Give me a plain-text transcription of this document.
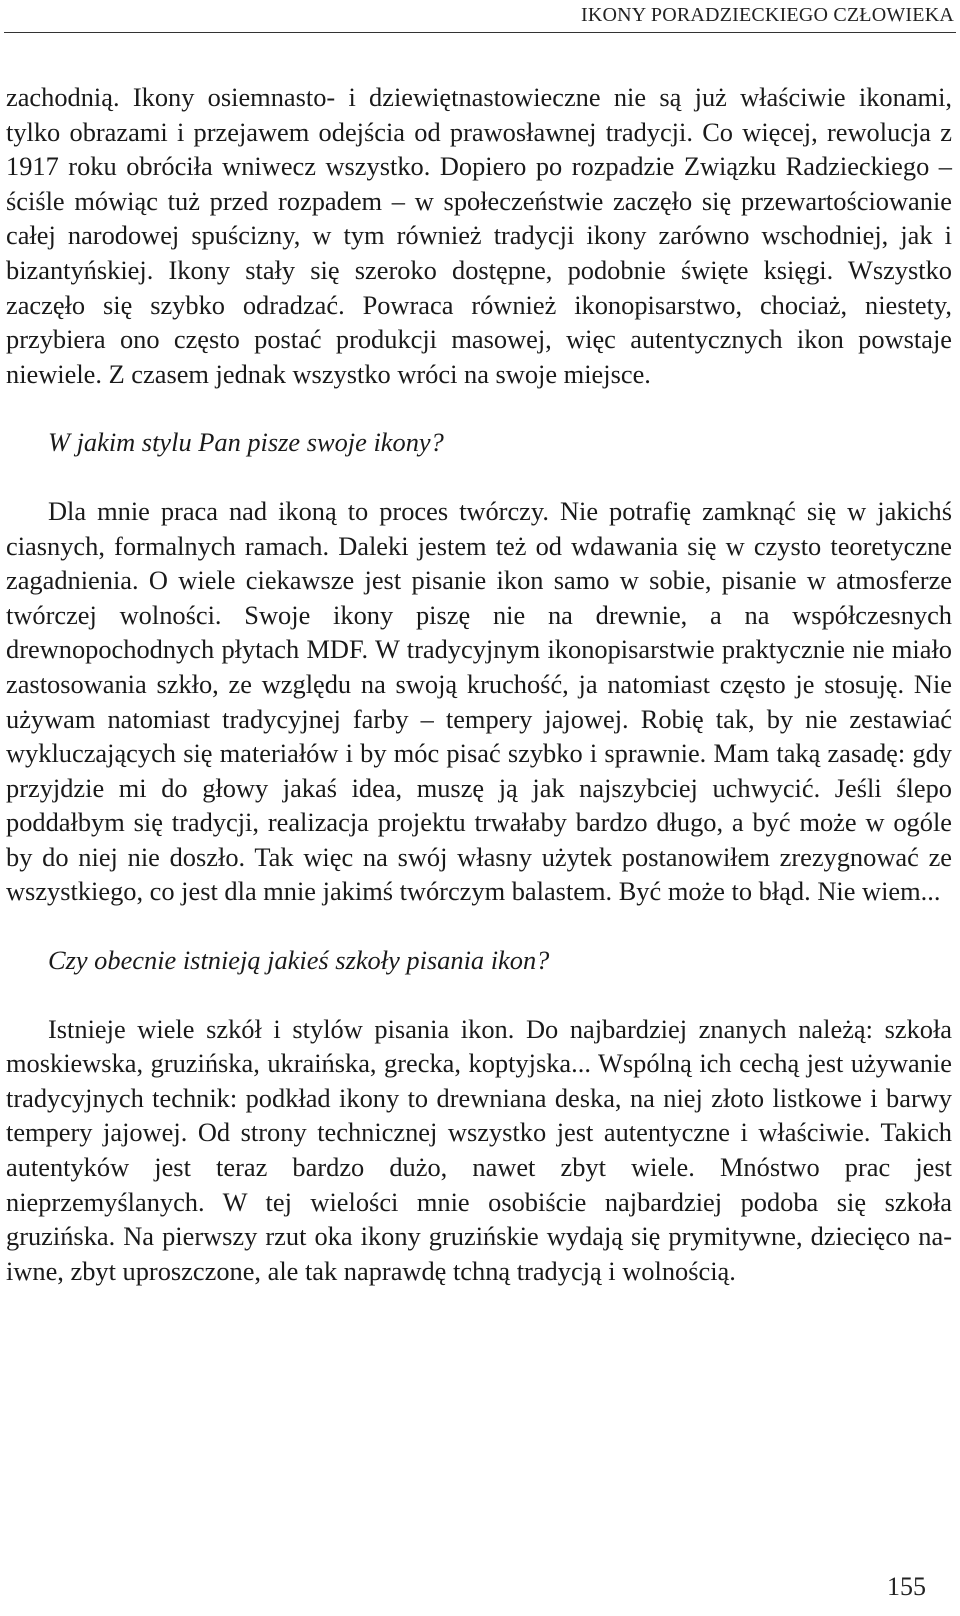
IKONY PORADZIECKIEGO CZŁOWIEKA

zachodnią. Ikony osiemnasto- i dziewiętnastowieczne nie są już właściwie ikonami, tylko obrazami i przejawem odejścia od prawosławnej tradycji. Co więcej, rewolucja z 1917 roku obróciła wniwecz wszystko. Dopiero po rozpadzie Związku Radzieckiego – ściśle mówiąc tuż przed rozpadem – w społeczeństwie zaczęło się przewartościowanie całej narodowej spuścizny, w tym również tradycji ikony zarówno wschodniej, jak i bizantyńskiej. Ikony stały się szeroko dostępne, podobnie święte księgi. Wszystko zaczęło się szybko odradzać. Powraca również ikonopisarstwo, chociaż, niestety, przybiera ono często postać produkcji masowej, więc autentycznych ikon powstaje niewiele. Z czasem jednak wszystko wróci na swoje miejsce.

W jakim stylu Pan pisze swoje ikony?

Dla mnie praca nad ikoną to proces twórczy. Nie potrafię zamknąć się w jakichś ciasnych, formalnych ramach. Daleki jestem też od wdawania się w czysto teoretyczne zagadnienia. O wiele ciekawsze jest pisanie ikon samo w sobie, pisanie w atmosferze twórczej wolności. Swoje ikony piszę nie na drewnie, a na współczesnych drewnopochodnych płytach MDF. W tradycyjnym ikonopisarstwie praktycznie nie miało zastosowania szkło, ze względu na swoją kruchość, ja natomiast często je stosuję. Nie używam natomiast tradycyjnej farby – tempery jajowej. Robię tak, by nie zestawiać wykluczających się materiałów i by móc pisać szybko i sprawnie. Mam taką zasadę: gdy przyjdzie mi do głowy jakaś idea, muszę ją jak najszybciej uchwycić. Jeśli ślepo poddałbym się tradycji, realizacja projektu trwałaby bardzo długo, a być może w ogóle by do niej nie doszło. Tak więc na swój własny użytek postanowiłem zrezygnować ze wszystkiego, co jest dla mnie jakimś twórczym balastem. Być może to błąd. Nie wiem...

Czy obecnie istnieją jakieś szkoły pisania ikon?

Istnieje wiele szkół i stylów pisania ikon. Do najbardziej znanych należą: szkoła moskiewska, gruzińska, ukraińska, grecka, koptyjska... Wspólną ich cechą jest używanie tradycyjnych technik: podkład ikony to drewniana deska, na niej złoto listkowe i barwy tempery jajowej. Od strony technicznej wszystko jest autentyczne i właściwie. Takich autentyków jest teraz bardzo dużo, nawet zbyt wiele. Mnóstwo prac jest nieprzemyślanych. W tej wielości mnie osobiście najbardziej podoba się szkoła gruzińska. Na pierwszy rzut oka ikony gruzińskie wydają się prymitywne, dziecięco naiwne, zbyt uproszczone, ale tak naprawdę tchną tradycją i wolnością.

155
